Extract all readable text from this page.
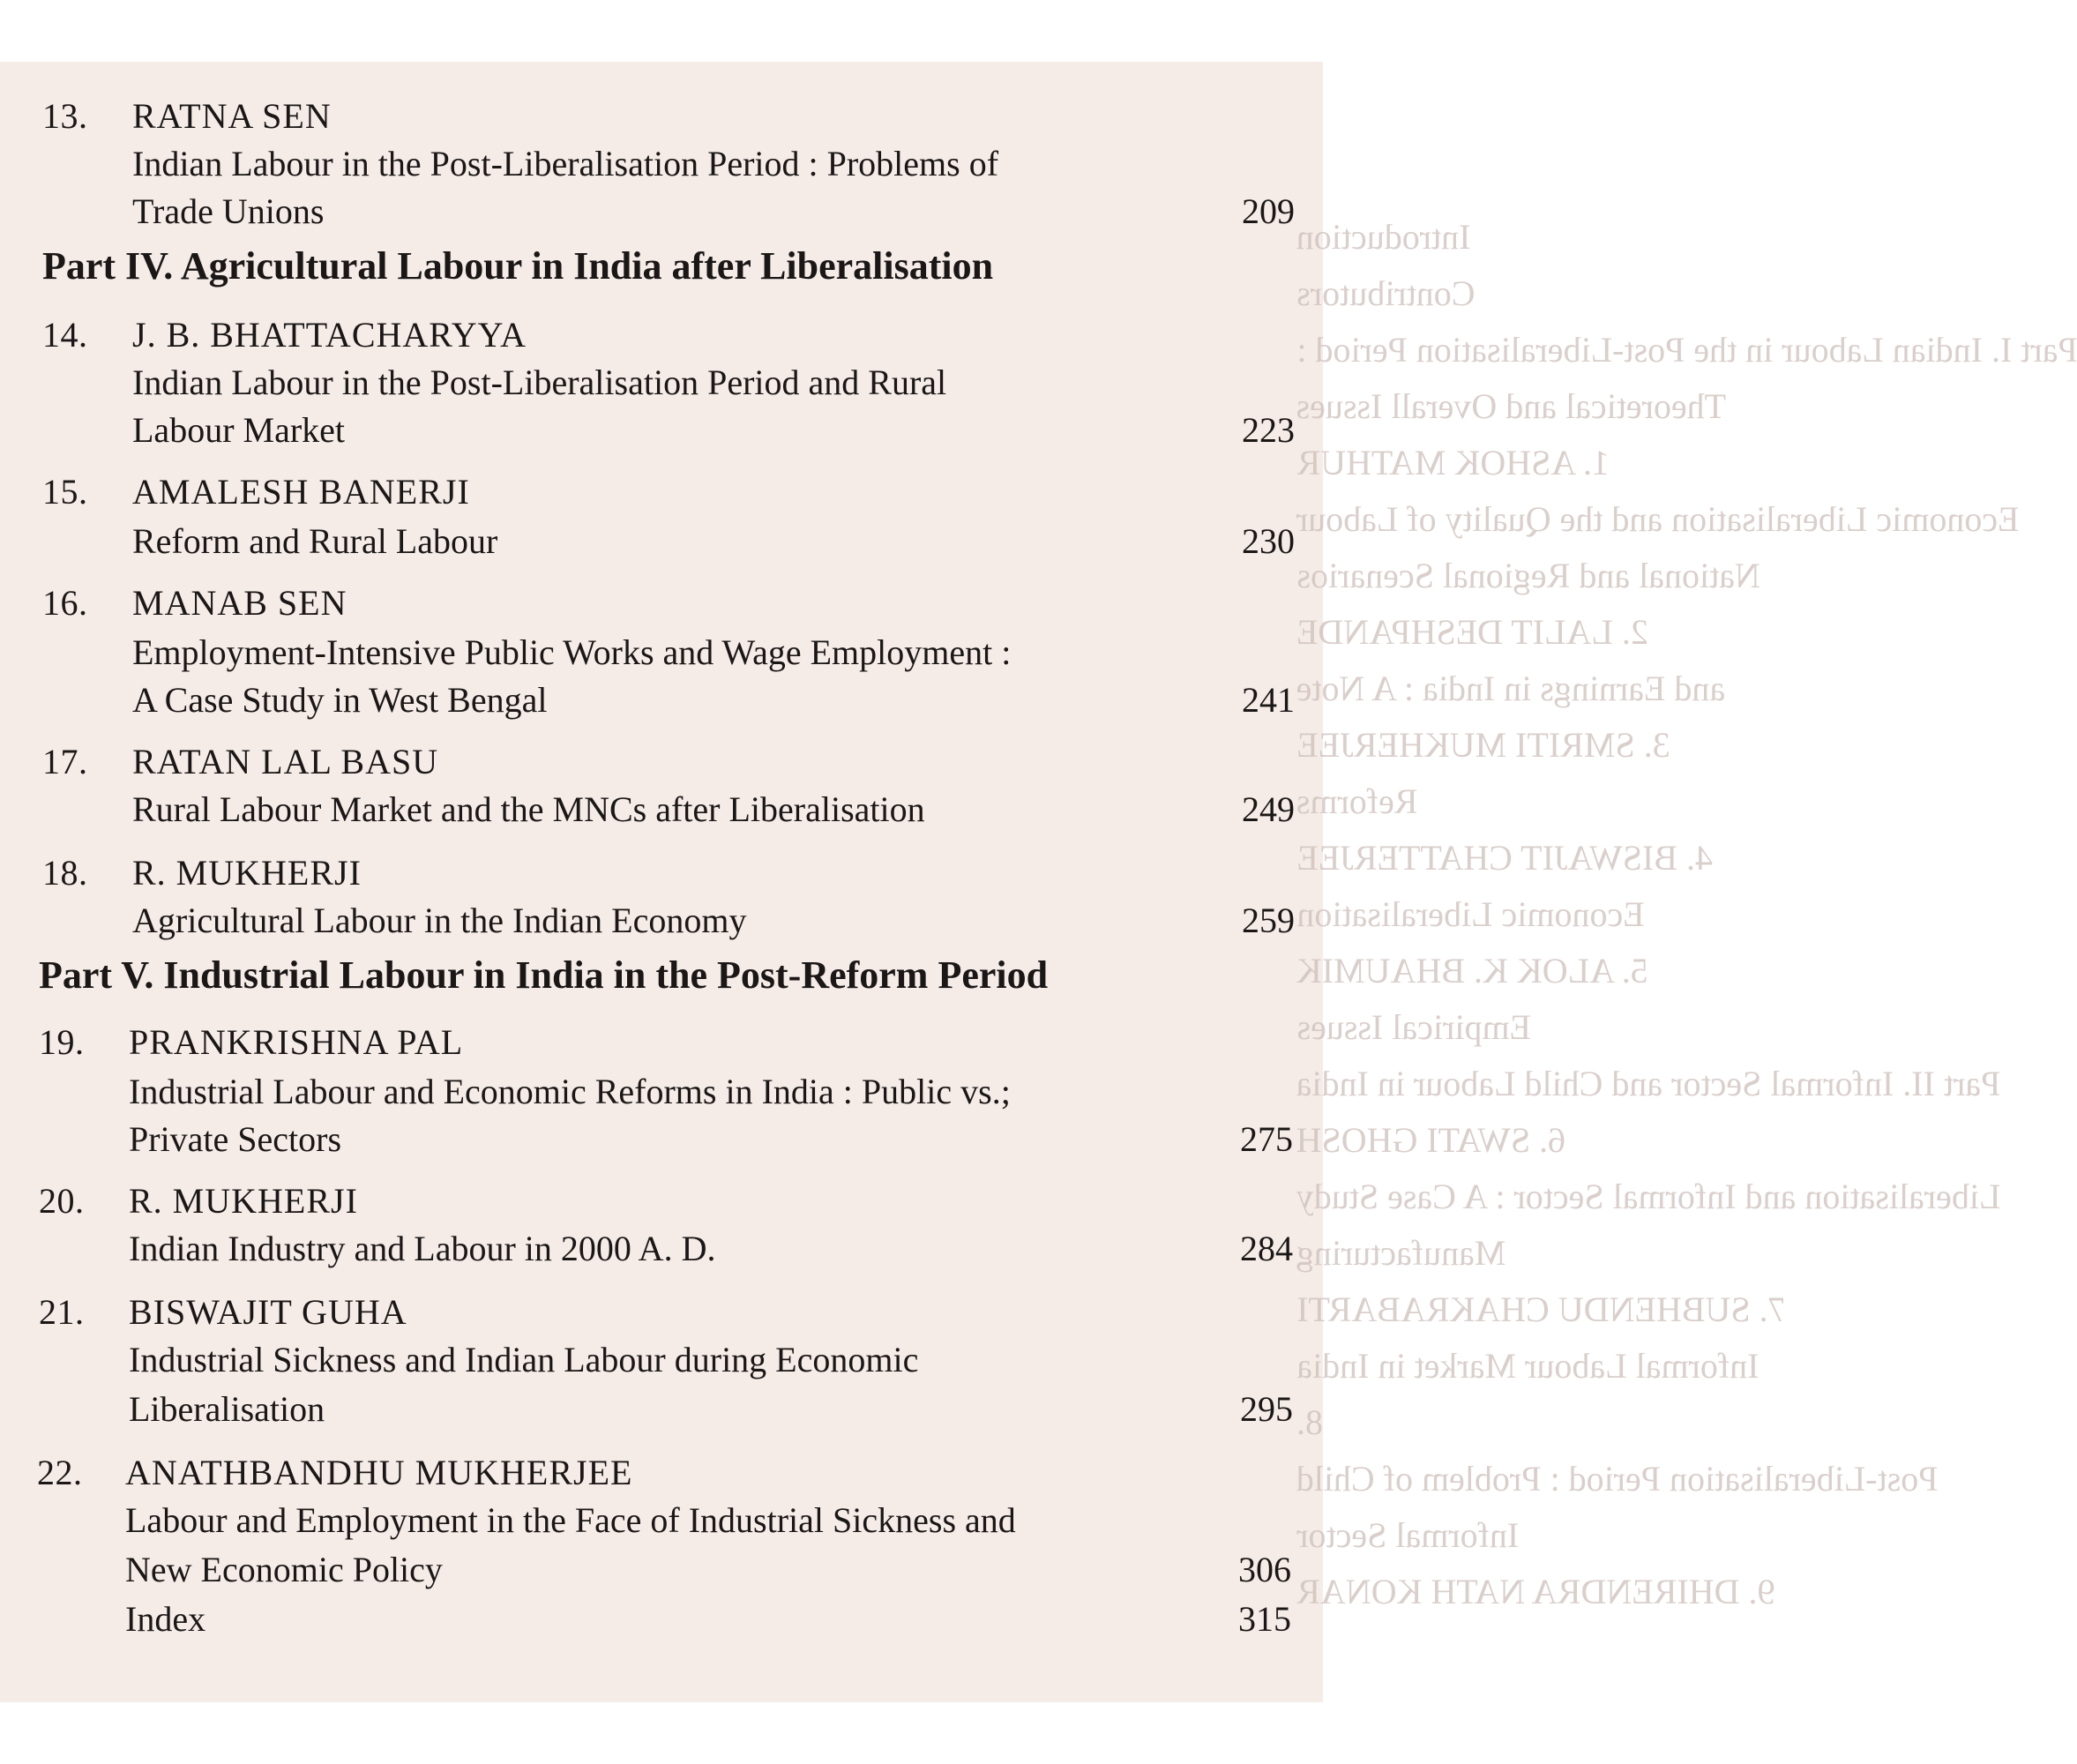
Introduction
Contributors
Part I. Indian Labour in the Post-Liberalisation Period :
Theoretical and Overall Issues
1. ASHOK MATHUR
Economic Liberalisation and the Quality of Labour
National and Regional Scenarios
2. LALIT DESHPANDE
and Earnings in India : A Note
3. SMRITI MUKHERJEE
Reforms
4. BISWAJIT CHATTERJEE
Economic Liberalisation
5. ALOK K. BHAUMIK
Empirical Issues
Part II. Informal Sector and Child Labour in India
6. SWATI GHOSH
Liberalisation and Informal Sector : A Case Study
Manufacturing
7. SUBHENDU CHAKRABARTI
Informal Labour Market in India
8.
Post-Liberalisation Period : Problem of Child
Informal Sector
9. DHIRENDRA NATH KONAR
13. RATNA SEN
Indian Labour in the Post-Liberalisation Period : Problems of
Trade Unions	209
Part IV. Agricultural Labour in India after Liberalisation
14. J. B. BHATTACHARYYA
Indian Labour in the Post-Liberalisation Period and Rural
Labour Market	223
15. AMALESH BANERJI
Reform and Rural Labour	230
16. MANAB SEN
Employment-Intensive Public Works and Wage Employment :
A Case Study in West Bengal	241
17. RATAN LAL BASU
Rural Labour Market and the MNCs after Liberalisation	249
18. R. MUKHERJI
Agricultural Labour in the Indian Economy	259
Part V. Industrial Labour in India in the Post-Reform Period
19. PRANKRISHNA PAL
Industrial Labour and Economic Reforms in India : Public vs.;
Private Sectors	275
20. R. MUKHERJI
Indian Industry and Labour in 2000 A. D.	284
21. BISWAJIT GUHA
Industrial Sickness and Indian Labour during Economic
Liberalisation	295
22. ANATHBANDHU MUKHERJEE
Labour and Employment in the Face of Industrial Sickness and
New Economic Policy	306
Index	315
